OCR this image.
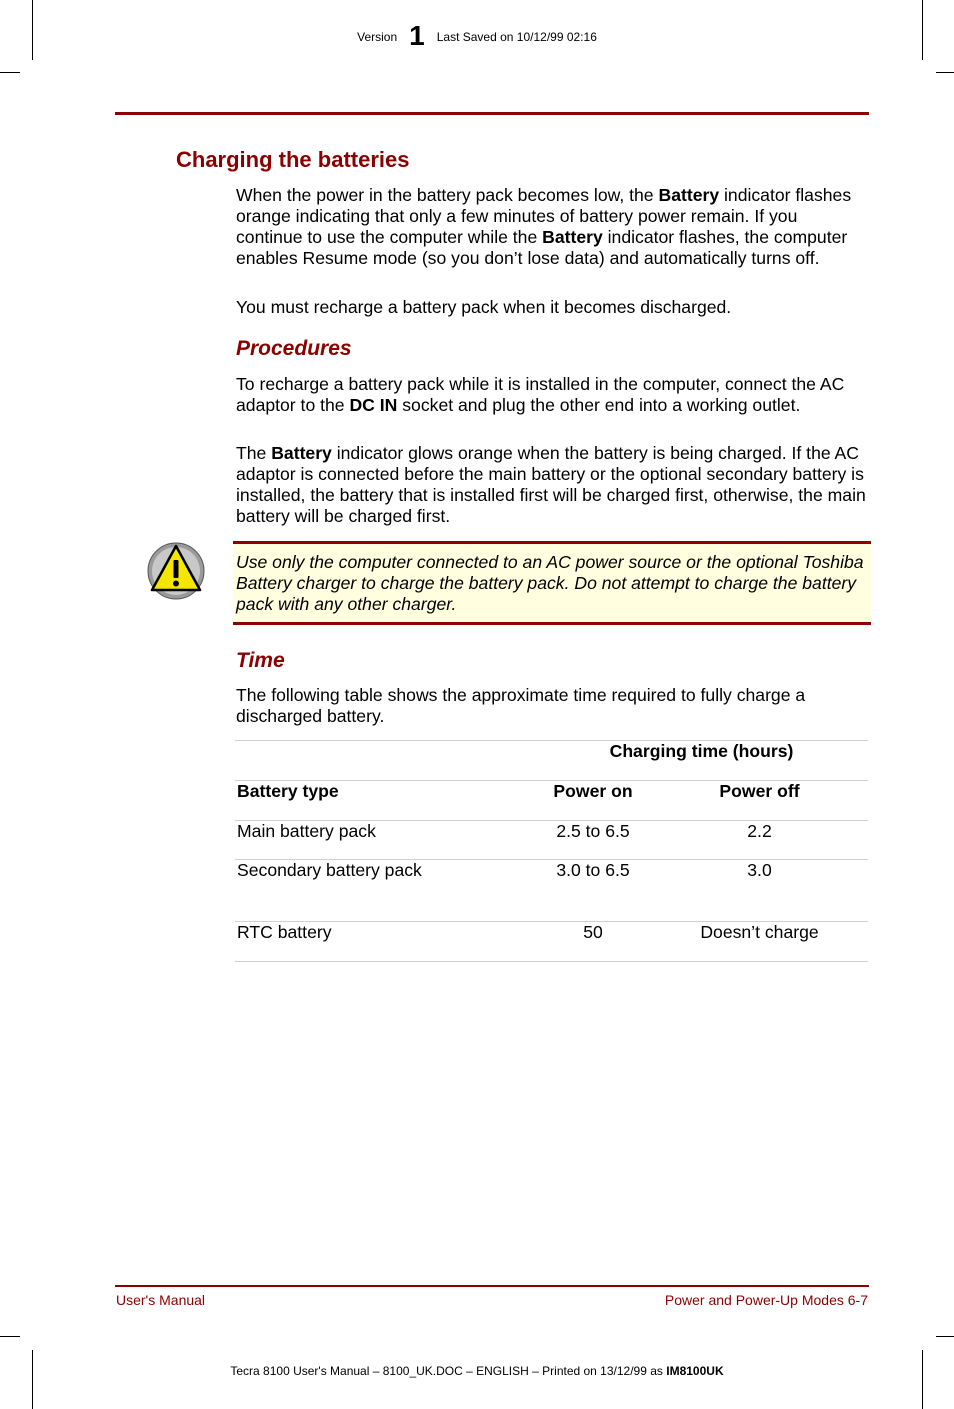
Version 1 Last Saved on 10/12/99 02:16
Charging the batteries

When the power in the battery pack becomes low, the Battery indicator flashes orange indicating that only a few minutes of battery power remain. If you continue to use the computer while the Battery indicator flashes, the computer enables Resume mode (so you don’t lose data) and automatically turns off.

You must recharge a battery pack when it becomes discharged.

Procedures

To recharge a battery pack while it is installed in the computer, connect the AC adaptor to the DC IN socket and plug the other end into a working outlet.

The Battery indicator glows orange when the battery is being charged. If the AC adaptor is connected before the main battery or the optional secondary battery is installed, the battery that is installed first will be charged first, otherwise, the main battery will be charged first.

Use only the computer connected to an AC power source or the optional Toshiba Battery charger to charge the battery pack. Do not attempt to charge the battery pack with any other charger.
Time

The following table shows the approximate time required to fully charge a discharged battery.

	Charging time (hours)	
Battery type	Power on	Power off
Main battery pack	2.5 to 6.5	2.2
Secondary battery pack	3.0 to 6.5	3.0
RTC battery	50	Doesn’t charge
User's Manual	Power and Power-Up Modes 6-7
Tecra 8100 User's Manual – 8100_UK.DOC – ENGLISH – Printed on 13/12/99 as IM8100UK
